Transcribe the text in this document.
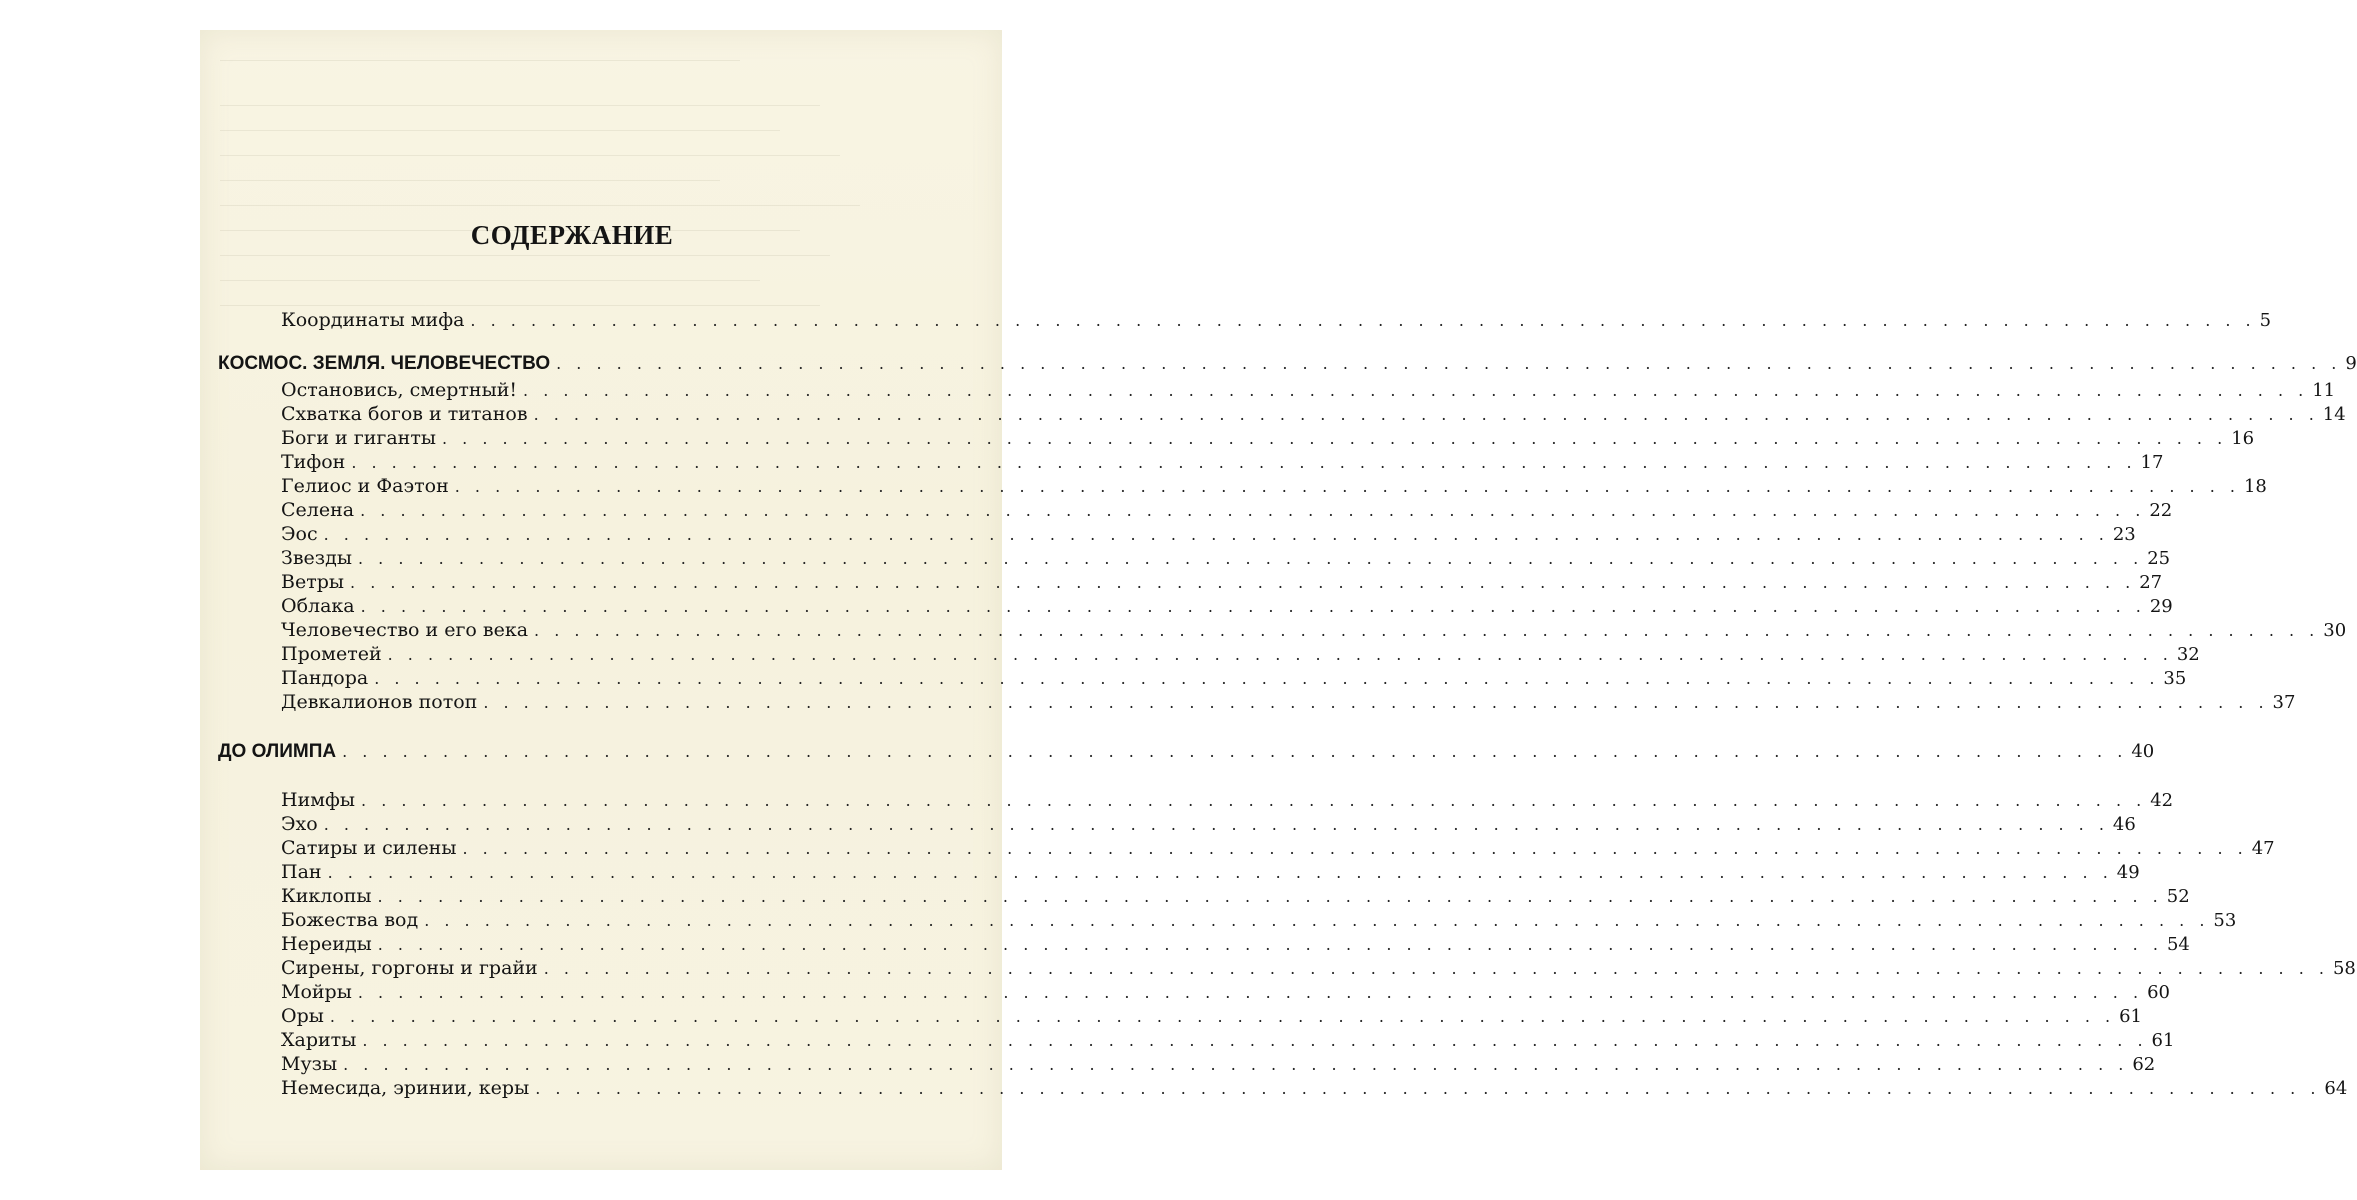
СОДЕРЖАНИЕ
Координаты мифа . . . . . . . . . . . . . . . . . . . . . . . . . . . . . . . . . . . . . . . . . . . . . . . . . . . . . . . . . . . . . . . . . . . . . . . . . . . . . . . . . . . . . . . . . 5
КОСМОС. ЗЕМЛЯ. ЧЕЛОВЕЧЕСТВО . . . . . . . . . . . . . . . . . . . . . . . . . . . . . . . . . . . . . . . . . . . . . . . . . . . . . . . . . . . . . . . . . . . . . . . . . . . . . . . . . . . . . . . . . 9
Остановись, смертный! . . . . . . . . . . . . . . . . . . . . . . . . . . . . . . . . . . . . . . . . . . . . . . . . . . . . . . . . . . . . . . . . . . . . . . . . . . . . . . . . . . . . . . . . . 11
Схватка богов и титанов . . . . . . . . . . . . . . . . . . . . . . . . . . . . . . . . . . . . . . . . . . . . . . . . . . . . . . . . . . . . . . . . . . . . . . . . . . . . . . . . . . . . . . . . . 14
Боги и гиганты . . . . . . . . . . . . . . . . . . . . . . . . . . . . . . . . . . . . . . . . . . . . . . . . . . . . . . . . . . . . . . . . . . . . . . . . . . . . . . . . . . . . . . . . . 16
Тифон . . . . . . . . . . . . . . . . . . . . . . . . . . . . . . . . . . . . . . . . . . . . . . . . . . . . . . . . . . . . . . . . . . . . . . . . . . . . . . . . . . . . . . . . . 17
Гелиос и Фаэтон . . . . . . . . . . . . . . . . . . . . . . . . . . . . . . . . . . . . . . . . . . . . . . . . . . . . . . . . . . . . . . . . . . . . . . . . . . . . . . . . . . . . . . . . . 18
Селена . . . . . . . . . . . . . . . . . . . . . . . . . . . . . . . . . . . . . . . . . . . . . . . . . . . . . . . . . . . . . . . . . . . . . . . . . . . . . . . . . . . . . . . . . 22
Эос . . . . . . . . . . . . . . . . . . . . . . . . . . . . . . . . . . . . . . . . . . . . . . . . . . . . . . . . . . . . . . . . . . . . . . . . . . . . . . . . . . . . . . . . . 23
Звезды . . . . . . . . . . . . . . . . . . . . . . . . . . . . . . . . . . . . . . . . . . . . . . . . . . . . . . . . . . . . . . . . . . . . . . . . . . . . . . . . . . . . . . . . . 25
Ветры . . . . . . . . . . . . . . . . . . . . . . . . . . . . . . . . . . . . . . . . . . . . . . . . . . . . . . . . . . . . . . . . . . . . . . . . . . . . . . . . . . . . . . . . . 27
Облака . . . . . . . . . . . . . . . . . . . . . . . . . . . . . . . . . . . . . . . . . . . . . . . . . . . . . . . . . . . . . . . . . . . . . . . . . . . . . . . . . . . . . . . . . 29
Человечество и его века . . . . . . . . . . . . . . . . . . . . . . . . . . . . . . . . . . . . . . . . . . . . . . . . . . . . . . . . . . . . . . . . . . . . . . . . . . . . . . . . . . . . . . . . . 30
Прометей . . . . . . . . . . . . . . . . . . . . . . . . . . . . . . . . . . . . . . . . . . . . . . . . . . . . . . . . . . . . . . . . . . . . . . . . . . . . . . . . . . . . . . . . . 32
Пандора . . . . . . . . . . . . . . . . . . . . . . . . . . . . . . . . . . . . . . . . . . . . . . . . . . . . . . . . . . . . . . . . . . . . . . . . . . . . . . . . . . . . . . . . . 35
Девкалионов потоп . . . . . . . . . . . . . . . . . . . . . . . . . . . . . . . . . . . . . . . . . . . . . . . . . . . . . . . . . . . . . . . . . . . . . . . . . . . . . . . . . . . . . . . . . 37
ДО ОЛИМПА . . . . . . . . . . . . . . . . . . . . . . . . . . . . . . . . . . . . . . . . . . . . . . . . . . . . . . . . . . . . . . . . . . . . . . . . . . . . . . . . . . . . . . . . . 40
Нимфы . . . . . . . . . . . . . . . . . . . . . . . . . . . . . . . . . . . . . . . . . . . . . . . . . . . . . . . . . . . . . . . . . . . . . . . . . . . . . . . . . . . . . . . . . 42
Эхо . . . . . . . . . . . . . . . . . . . . . . . . . . . . . . . . . . . . . . . . . . . . . . . . . . . . . . . . . . . . . . . . . . . . . . . . . . . . . . . . . . . . . . . . . 46
Сатиры и силены . . . . . . . . . . . . . . . . . . . . . . . . . . . . . . . . . . . . . . . . . . . . . . . . . . . . . . . . . . . . . . . . . . . . . . . . . . . . . . . . . . . . . . . . . 47
Пан . . . . . . . . . . . . . . . . . . . . . . . . . . . . . . . . . . . . . . . . . . . . . . . . . . . . . . . . . . . . . . . . . . . . . . . . . . . . . . . . . . . . . . . . . 49
Киклопы . . . . . . . . . . . . . . . . . . . . . . . . . . . . . . . . . . . . . . . . . . . . . . . . . . . . . . . . . . . . . . . . . . . . . . . . . . . . . . . . . . . . . . . . . 52
Божества вод . . . . . . . . . . . . . . . . . . . . . . . . . . . . . . . . . . . . . . . . . . . . . . . . . . . . . . . . . . . . . . . . . . . . . . . . . . . . . . . . . . . . . . . . . 53
Нереиды . . . . . . . . . . . . . . . . . . . . . . . . . . . . . . . . . . . . . . . . . . . . . . . . . . . . . . . . . . . . . . . . . . . . . . . . . . . . . . . . . . . . . . . . . 54
Сирены, горгоны и грайи . . . . . . . . . . . . . . . . . . . . . . . . . . . . . . . . . . . . . . . . . . . . . . . . . . . . . . . . . . . . . . . . . . . . . . . . . . . . . . . . . . . . . . . . . 58
Мойры . . . . . . . . . . . . . . . . . . . . . . . . . . . . . . . . . . . . . . . . . . . . . . . . . . . . . . . . . . . . . . . . . . . . . . . . . . . . . . . . . . . . . . . . . 60
Оры . . . . . . . . . . . . . . . . . . . . . . . . . . . . . . . . . . . . . . . . . . . . . . . . . . . . . . . . . . . . . . . . . . . . . . . . . . . . . . . . . . . . . . . . . 61
Хариты . . . . . . . . . . . . . . . . . . . . . . . . . . . . . . . . . . . . . . . . . . . . . . . . . . . . . . . . . . . . . . . . . . . . . . . . . . . . . . . . . . . . . . . . . 61
Музы . . . . . . . . . . . . . . . . . . . . . . . . . . . . . . . . . . . . . . . . . . . . . . . . . . . . . . . . . . . . . . . . . . . . . . . . . . . . . . . . . . . . . . . . . 62
Немесида, эринии, керы . . . . . . . . . . . . . . . . . . . . . . . . . . . . . . . . . . . . . . . . . . . . . . . . . . . . . . . . . . . . . . . . . . . . . . . . . . . . . . . . . . . . . . . . . 64
